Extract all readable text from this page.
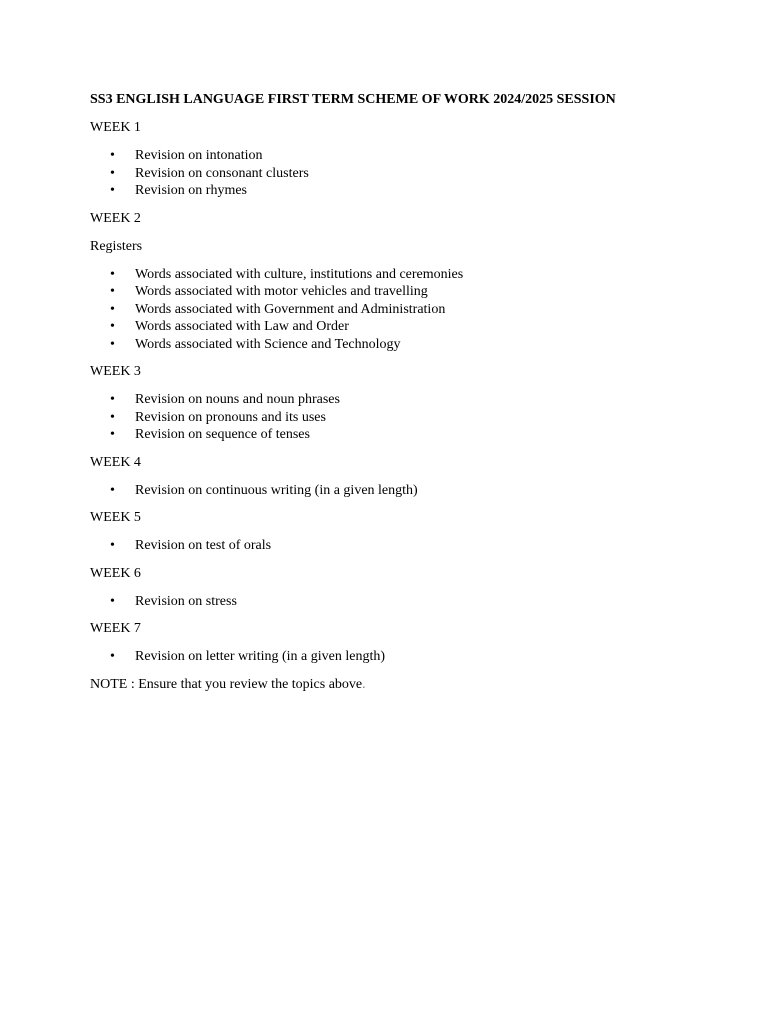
SS3 ENGLISH LANGUAGE FIRST TERM SCHEME OF WORK 2024/2025 SESSION
WEEK 1
• Revision on intonation
• Revision on consonant clusters
• Revision on rhymes
WEEK 2
Registers
• Words associated with culture, institutions and ceremonies
• Words associated with motor vehicles and travelling
• Words associated with Government and Administration
• Words associated with Law and Order
• Words associated with Science and Technology
WEEK 3
• Revision on nouns and noun phrases
• Revision on pronouns and its uses
• Revision on sequence of tenses
WEEK 4
• Revision on continuous writing (in a given length)
WEEK 5
• Revision on test of orals
WEEK 6
• Revision on stress
WEEK 7
• Revision on letter writing (in a given length)
NOTE : Ensure that you review the topics above.
